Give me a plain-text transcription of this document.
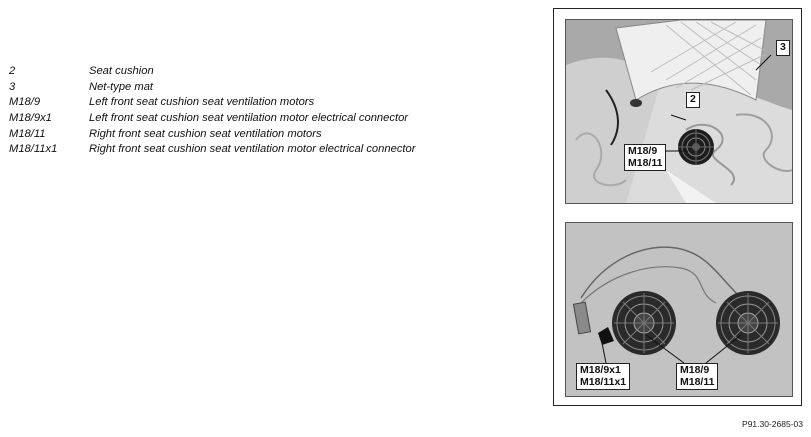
2	Seat cushion
3	Net-type mat
M18/9	Left front seat cushion seat ventilation motors
M18/9x1	Left front seat cushion seat ventilation motor electrical connector
M18/11	Right front seat cushion seat ventilation motors
M18/11x1	Right front seat cushion seat ventilation motor electrical connector
3
2
M18/9
M18/11
M18/9x1
M18/11x1
M18/9
M18/11
P91.30-2685-03
